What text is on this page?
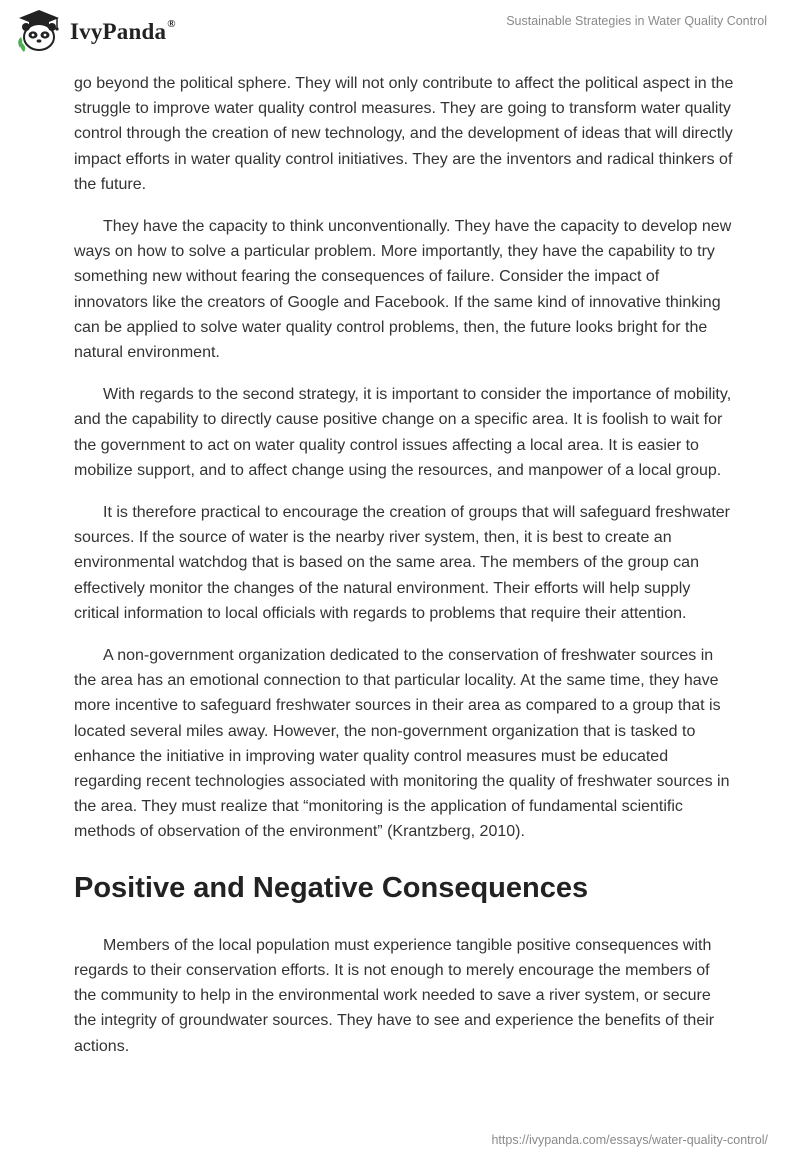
IvyPanda®	Sustainable Strategies in Water Quality Control

go beyond the political sphere. They will not only contribute to affect the political aspect in the struggle to improve water quality control measures. They are going to transform water quality control through the creation of new technology, and the development of ideas that will directly impact efforts in water quality control initiatives. They are the inventors and radical thinkers of the future.

They have the capacity to think unconventionally. They have the capacity to develop new ways on how to solve a particular problem. More importantly, they have the capability to try something new without fearing the consequences of failure. Consider the impact of innovators like the creators of Google and Facebook. If the same kind of innovative thinking can be applied to solve water quality control problems, then, the future looks bright for the natural environment.

With regards to the second strategy, it is important to consider the importance of mobility, and the capability to directly cause positive change on a specific area. It is foolish to wait for the government to act on water quality control issues affecting a local area. It is easier to mobilize support, and to affect change using the resources, and manpower of a local group.

It is therefore practical to encourage the creation of groups that will safeguard freshwater sources. If the source of water is the nearby river system, then, it is best to create an environmental watchdog that is based on the same area. The members of the group can effectively monitor the changes of the natural environment. Their efforts will help supply critical information to local officials with regards to problems that require their attention.

A non-government organization dedicated to the conservation of freshwater sources in the area has an emotional connection to that particular locality. At the same time, they have more incentive to safeguard freshwater sources in their area as compared to a group that is located several miles away. However, the non-government organization that is tasked to enhance the initiative in improving water quality control measures must be educated regarding recent technologies associated with monitoring the quality of freshwater sources in the area. They must realize that “monitoring is the application of fundamental scientific methods of observation of the environment” (Krantzberg, 2010).

Positive and Negative Consequences

Members of the local population must experience tangible positive consequences with regards to their conservation efforts. It is not enough to merely encourage the members of the community to help in the environmental work needed to save a river system, or secure the integrity of groundwater sources. They have to see and experience the benefits of their actions.

https://ivypanda.com/essays/water-quality-control/
